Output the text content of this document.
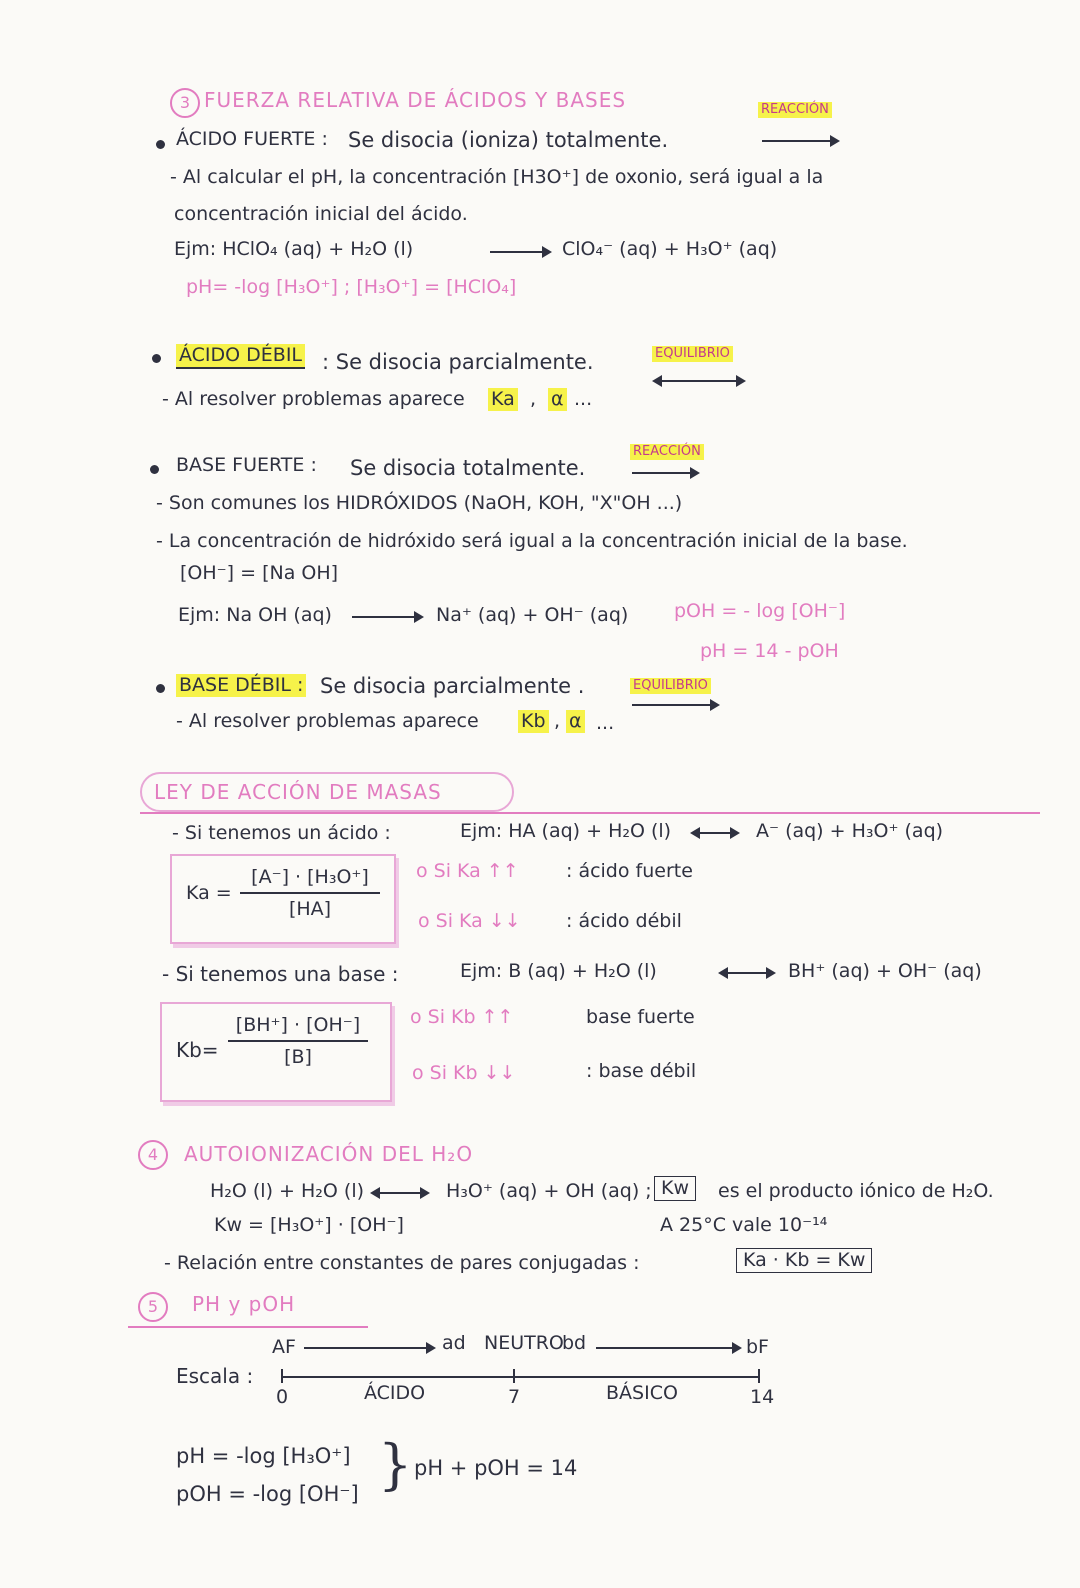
3 FUERZA RELATIVA DE ÁCIDOS Y BASES	REACCIÓN
ÁCIDO FUERTE : Se disocia (ioniza) totalmente.
- Al calcular el pH, la concentración [H3O⁺] de oxonio, será igual a la
concentración inicial del ácido.
Ejm: HClO₄ (aq) + H₂O (l)	ClO₄⁻ (aq) + H₃O⁺ (aq)
pH= -log [H₃O⁺] ; [H₃O⁺] = [HClO₄]
ÁCIDO DÉBIL : Se disocia parcialmente.	EQUILIBRIO
- Al resolver problemas aparece Ka , α ...
BASE FUERTE : Se disocia totalmente.
REACCIÓN
- Son comunes los HIDRÓXIDOS (NaOH, KOH, "X"OH ...)
- La concentración de hidróxido será igual a la concentración inicial de la base.
[OH⁻] = [Na OH]
Ejm: Na OH (aq)	Na⁺ (aq) + OH⁻ (aq) pOH = - log [OH⁻]
pH = 14 - pOH
BASE DÉBIL : Se disocia parcialmente .	EQUILIBRIO
- Al resolver problemas aparece Kb , α ...
LEY DE ACCIÓN DE MASAS
- Si tenemos un ácido :	Ejm: HA (aq) + H₂O (l)	A⁻ (aq) + H₃O⁺ (aq)
Ka =
[A⁻] · [H₃O⁺]
[HA]
o Si Ka ↑↑ : ácido fuerte
o Si Ka ↓↓ : ácido débil
- Si tenemos una base :	Ejm: B (aq) + H₂O (l)	BH⁺ (aq) + OH⁻ (aq)
Kb=
[BH⁺] · [OH⁻]
[B]
o Si Kb ↑↑	base fuerte
o Si Kb ↓↓	: base débil
4	AUTOIONIZACIÓN DEL H₂O
H₂O (l) + H₂O (l)	H₃O⁺ (aq) + OH (aq) ; Kw	es el producto iónico de H₂O.
Kw = [H₃O⁺] · [OH⁻]	A 25°C vale 10⁻¹⁴
- Relación entre constantes de pares conjugadas :	Ka · Kb = Kw
5	PH y pOH
AF	ad NEUTRO
bd	bF
Escala :
0	ÁCIDO	7	BÁSICO	14
pH = -log [H₃O⁺]
pOH = -log [OH⁻] } pH + pOH = 14
